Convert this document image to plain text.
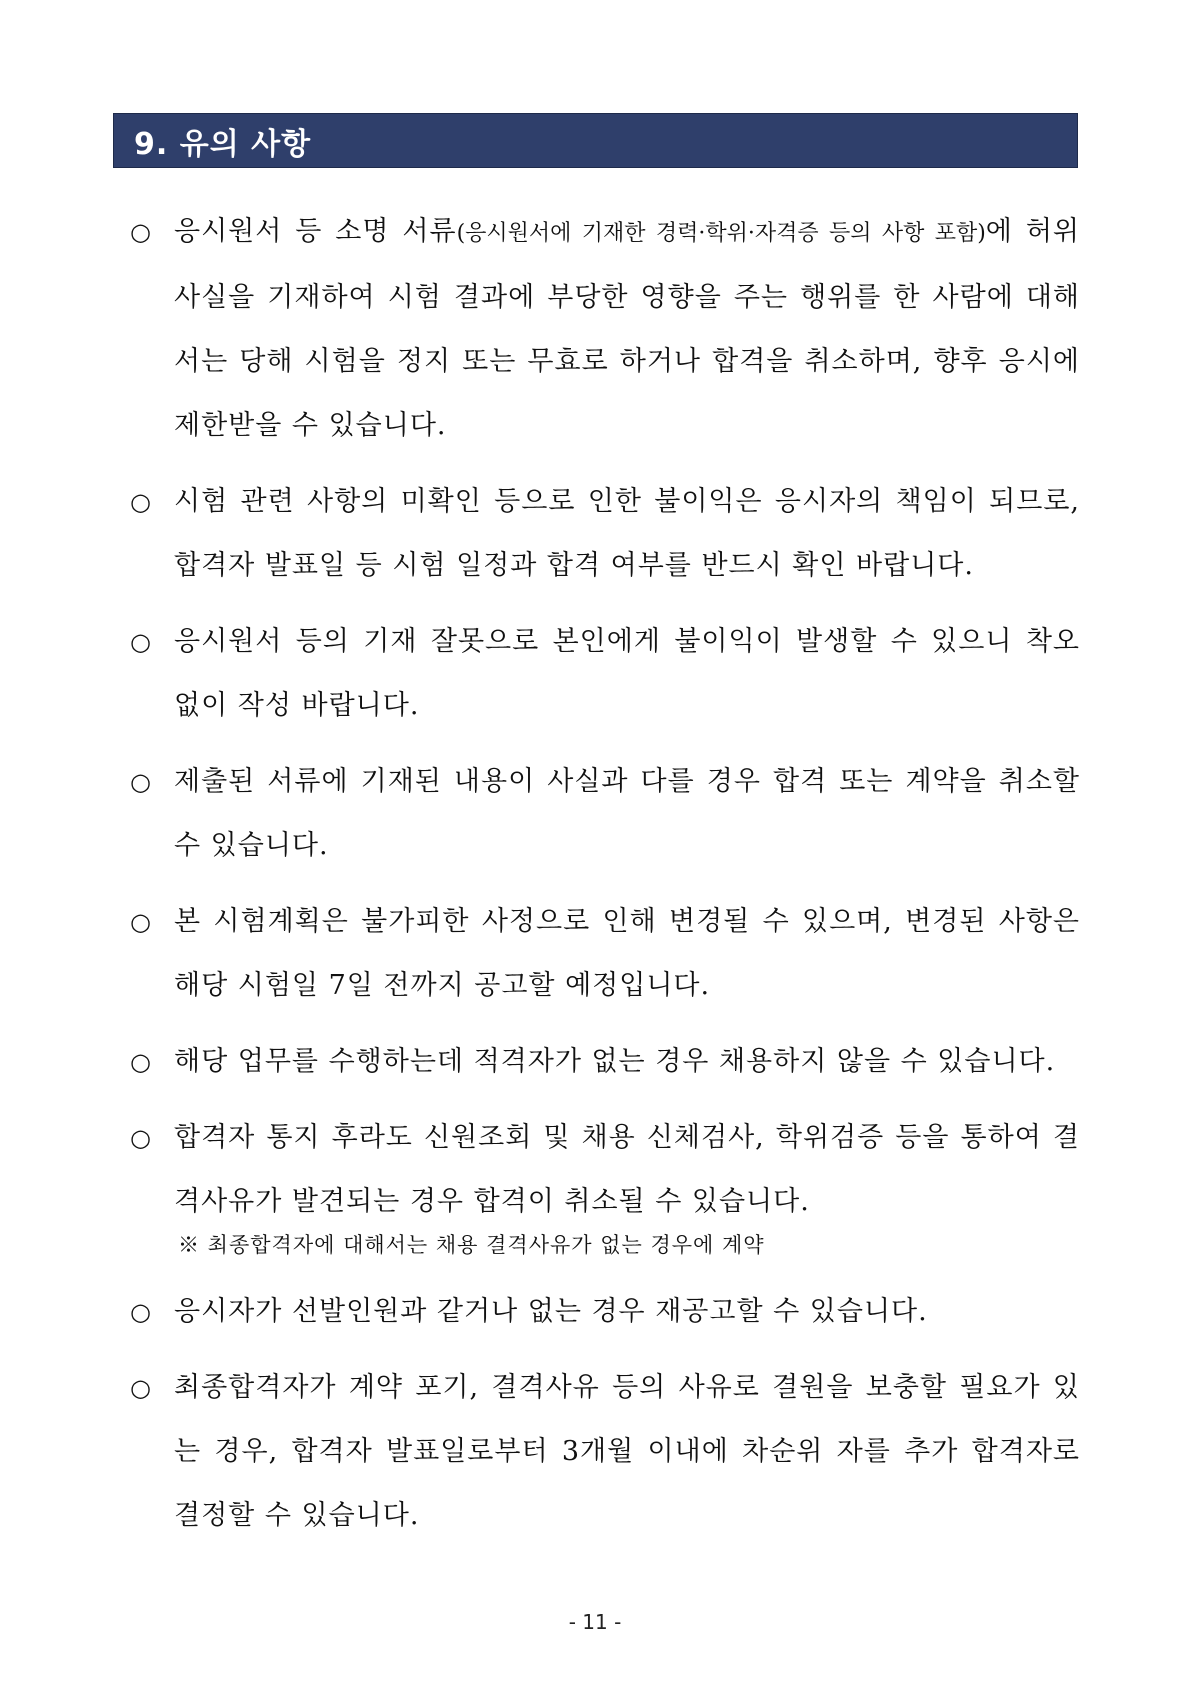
9. 유의 사항
○ 응시원서 등 소명 서류(응시원서에 기재한 경력·학위·자격증 등의 사항 포함)에 허위 사실을 기재하여 시험 결과에 부당한 영향을 주는 행위를 한 사람에 대해서는 당해 시험을 정지 또는 무효로 하거나 합격을 취소하며, 향후 응시에 제한받을 수 있습니다.
○ 시험 관련 사항의 미확인 등으로 인한 불이익은 응시자의 책임이 되므로, 합격자 발표일 등 시험 일정과 합격 여부를 반드시 확인 바랍니다.
○ 응시원서 등의 기재 잘못으로 본인에게 불이익이 발생할 수 있으니 착오 없이 작성 바랍니다.
○ 제출된 서류에 기재된 내용이 사실과 다를 경우 합격 또는 계약을 취소할 수 있습니다.
○ 본 시험계획은 불가피한 사정으로 인해 변경될 수 있으며, 변경된 사항은 해당 시험일 7일 전까지 공고할 예정입니다.
○ 해당 업무를 수행하는데 적격자가 없는 경우 채용하지 않을 수 있습니다.
○ 합격자 통지 후라도 신원조회 및 채용 신체검사, 학위검증 등을 통하여 결격사유가 발견되는 경우 합격이 취소될 수 있습니다.
※ 최종합격자에 대해서는 채용 결격사유가 없는 경우에 계약
○ 응시자가 선발인원과 같거나 없는 경우 재공고할 수 있습니다.
○ 최종합격자가 계약 포기, 결격사유 등의 사유로 결원을 보충할 필요가 있는 경우, 합격자 발표일로부터 3개월 이내에 차순위 자를 추가 합격자로 결정할 수 있습니다.
- 11 -
